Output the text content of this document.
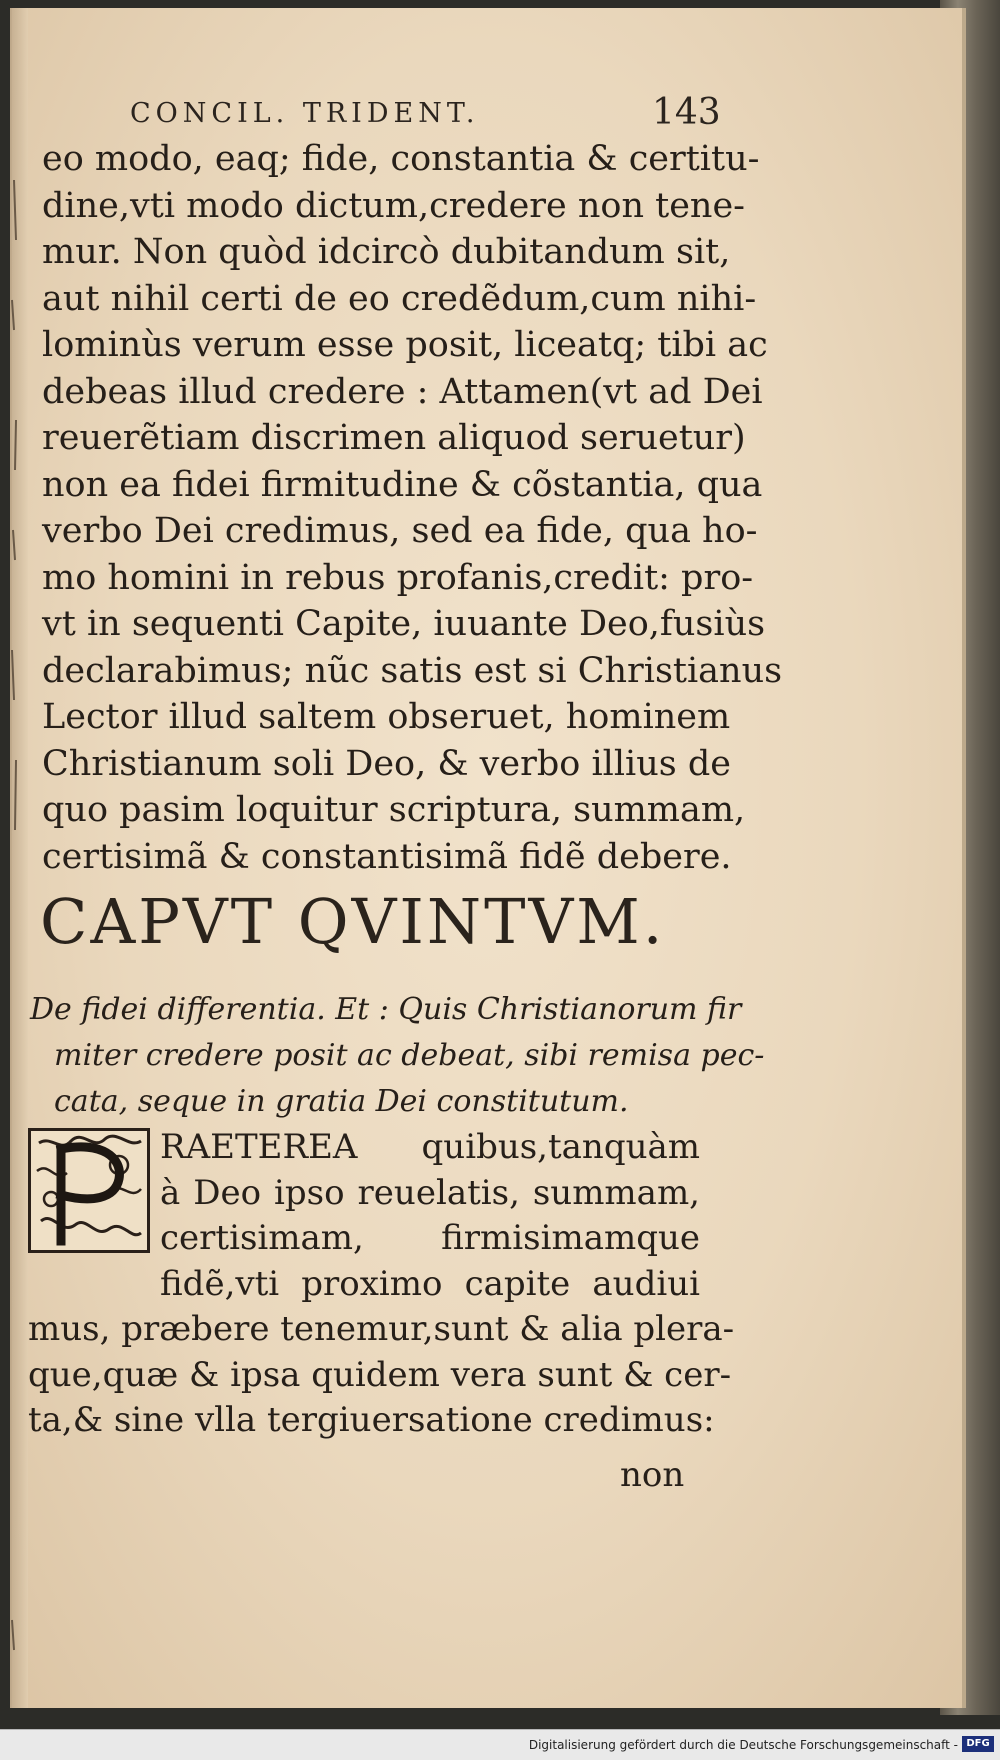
CONCIL. TRIDENT.	143
eo modo, eaq; fide, constantia & certitu-
dine,vti modo dictum,credere non tene-
mur. Non quòd idcircò dubitandum sit,
aut nihil certi de eo credẽdum,cum nihi-
lominùs verum esse posit, liceatq; tibi ac
debeas illud credere : Attamen(vt ad Dei
reuerẽtiam discrimen aliquod seruetur)
non ea fidei firmitudine & cõstantia, qua
verbo Dei credimus, sed ea fide, qua ho-
mo homini in rebus profanis,credit: pro-
vt in sequenti Capite, iuuante Deo,fusiùs
declarabimus; nũc satis est si Christianus
Lector illud saltem obseruet, hominem
Christianum soli Deo, & verbo illius de
quo pasim loquitur scriptura, summam,
certisimã & constantisimã fidẽ debere.
CAPVT QVINTVM.
De fidei differentia. Et : Quis Christianorum fir
miter credere posit ac debeat, sibi remisa pec-
cata, seque in gratia Dei constitutum.
RAETEREA quibus,tanquàm
à Deo ipso reuelatis, summam,
certisimam, firmisimamque
fidẽ,vti proximo capite audiui
mus, præbere tenemur,sunt & alia plera-
que,quæ & ipsa quidem vera sunt & cer-
ta,& sine vlla tergiuersatione credimus:
non
Digitalisierung gefördert durch die Deutsche Forschungsgemeinschaft - DFG
